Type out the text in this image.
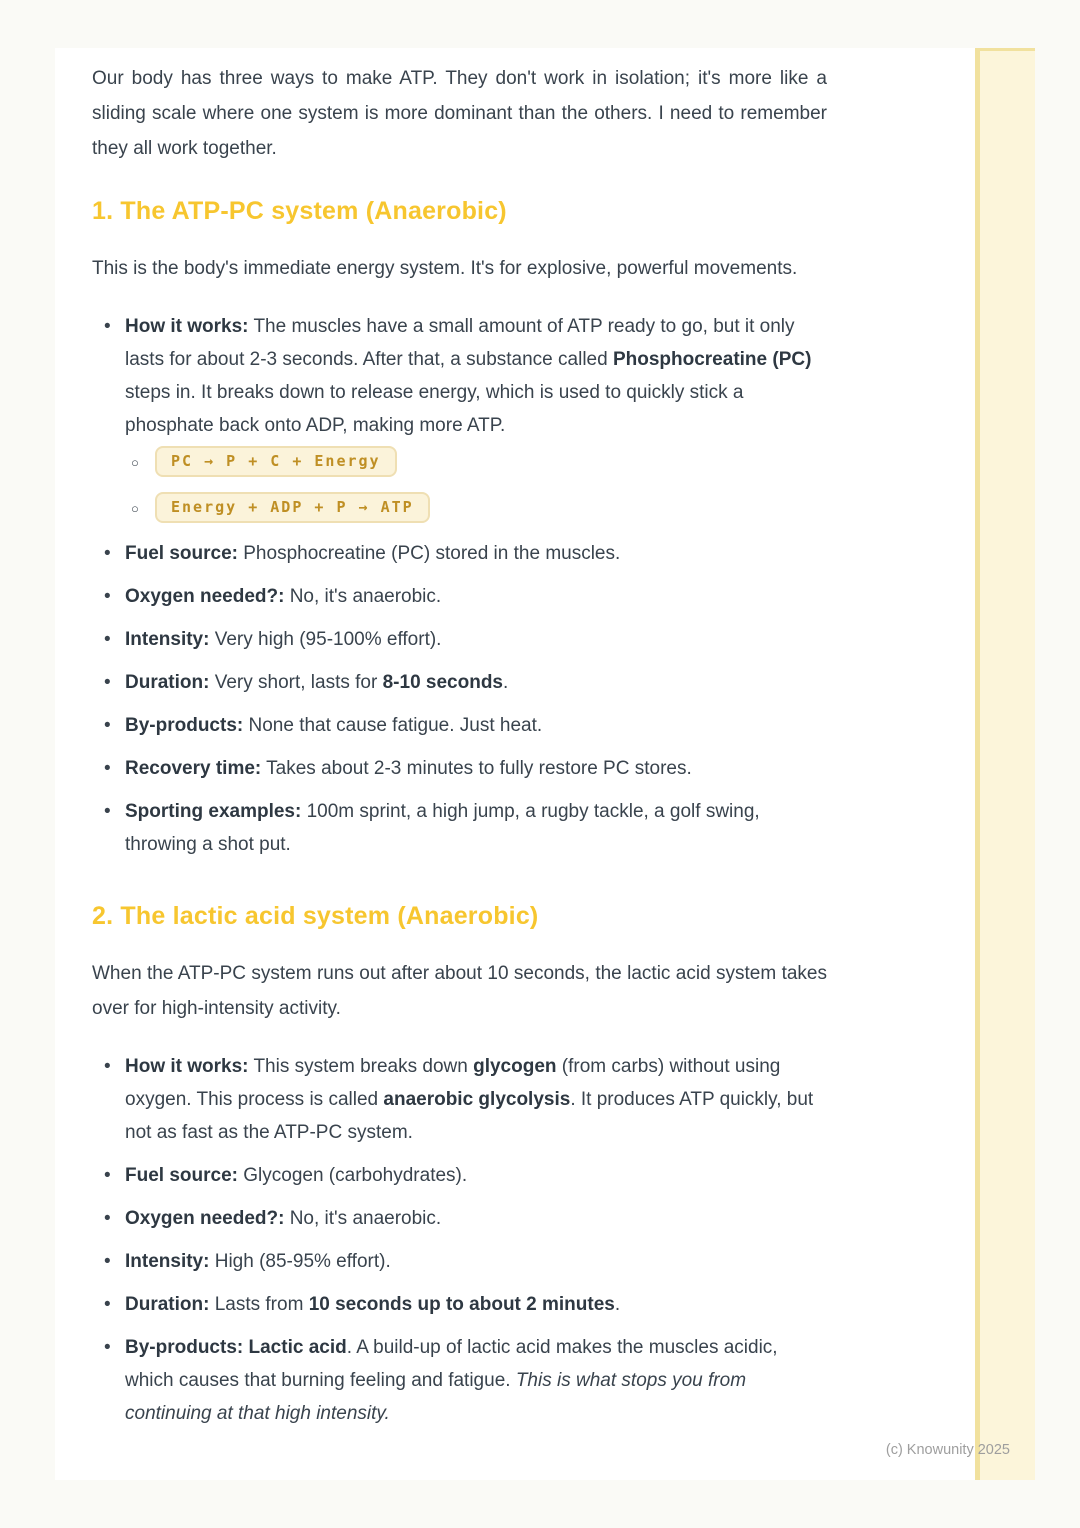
Our body has three ways to make ATP. They don't work in isolation; it's more like a sliding scale where one system is more dominant than the others. I need to remember they all work together.

1. The ATP-PC system (Anaerobic)

This is the body's immediate energy system. It's for explosive, powerful movements.

• How it works: The muscles have a small amount of ATP ready to go, but it only lasts for about 2-3 seconds. After that, a substance called Phosphocreatine (PC) steps in. It breaks down to release energy, which is used to quickly stick a phosphate back onto ADP, making more ATP.
○ PC → P + C + Energy
○ Energy + ADP + P → ATP
• Fuel source: Phosphocreatine (PC) stored in the muscles.
• Oxygen needed?: No, it's anaerobic.
• Intensity: Very high (95-100% effort).
• Duration: Very short, lasts for 8-10 seconds.
• By-products: None that cause fatigue. Just heat.
• Recovery time: Takes about 2-3 minutes to fully restore PC stores.
• Sporting examples: 100m sprint, a high jump, a rugby tackle, a golf swing, throwing a shot put.
2. The lactic acid system (Anaerobic)

When the ATP-PC system runs out after about 10 seconds, the lactic acid system takes over for high-intensity activity.

• How it works: This system breaks down glycogen (from carbs) without using oxygen. This process is called anaerobic glycolysis. It produces ATP quickly, but not as fast as the ATP-PC system.
• Fuel source: Glycogen (carbohydrates).
• Oxygen needed?: No, it's anaerobic.
• Intensity: High (85-95% effort).
• Duration: Lasts from 10 seconds up to about 2 minutes.
• By-products: Lactic acid. A build-up of lactic acid makes the muscles acidic, which causes that burning feeling and fatigue. This is what stops you from continuing at that high intensity.
(c) Knowunity 2025
